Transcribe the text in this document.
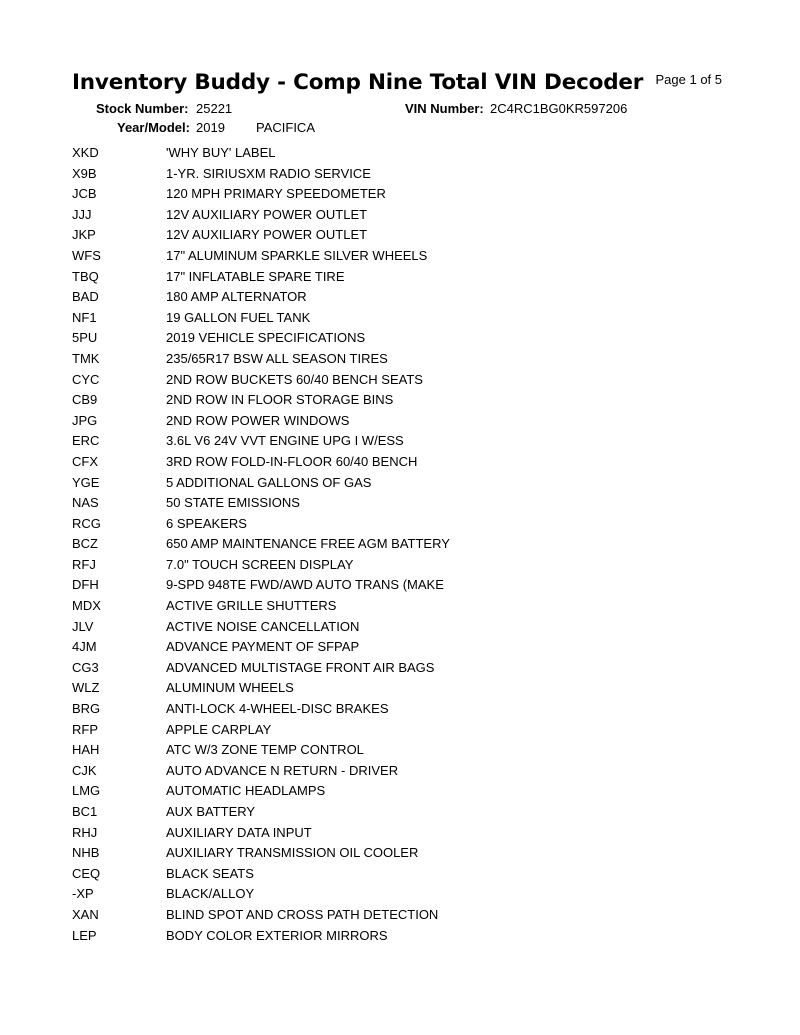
Inventory Buddy - Comp Nine Total VIN Decoder Page 1 of 5
Stock Number: 25221	VIN Number: 2C4RC1BG0KR597206
Year/Model: 2019 PACIFICA
XKD	'WHY BUY' LABEL
X9B	1-YR. SIRIUSXM RADIO SERVICE
JCB	120 MPH PRIMARY SPEEDOMETER
JJJ	12V AUXILIARY POWER OUTLET
JKP	12V AUXILIARY POWER OUTLET
WFS	17" ALUMINUM SPARKLE SILVER WHEELS
TBQ	17" INFLATABLE SPARE TIRE
BAD	180 AMP ALTERNATOR
NF1	19 GALLON FUEL TANK
5PU	2019 VEHICLE SPECIFICATIONS
TMK	235/65R17 BSW ALL SEASON TIRES
CYC	2ND ROW BUCKETS 60/40 BENCH SEATS
CB9	2ND ROW IN FLOOR STORAGE BINS
JPG	2ND ROW POWER WINDOWS
ERC	3.6L V6 24V VVT ENGINE UPG I W/ESS
CFX	3RD ROW FOLD-IN-FLOOR 60/40 BENCH
YGE	5 ADDITIONAL GALLONS OF GAS
NAS	50 STATE EMISSIONS
RCG	6 SPEAKERS
BCZ	650 AMP MAINTENANCE FREE AGM BATTERY
RFJ	7.0" TOUCH SCREEN DISPLAY
DFH	9-SPD 948TE FWD/AWD AUTO TRANS (MAKE
MDX	ACTIVE GRILLE SHUTTERS
JLV	ACTIVE NOISE CANCELLATION
4JM	ADVANCE PAYMENT OF SFPAP
CG3	ADVANCED MULTISTAGE FRONT AIR BAGS
WLZ	ALUMINUM WHEELS
BRG	ANTI-LOCK 4-WHEEL-DISC BRAKES
RFP	APPLE CARPLAY
HAH	ATC W/3 ZONE TEMP CONTROL
CJK	AUTO ADVANCE N RETURN - DRIVER
LMG	AUTOMATIC HEADLAMPS
BC1	AUX BATTERY
RHJ	AUXILIARY DATA INPUT
NHB	AUXILIARY TRANSMISSION OIL COOLER
CEQ	BLACK SEATS
-XP	BLACK/ALLOY
XAN	BLIND SPOT AND CROSS PATH DETECTION
LEP	BODY COLOR EXTERIOR MIRRORS
